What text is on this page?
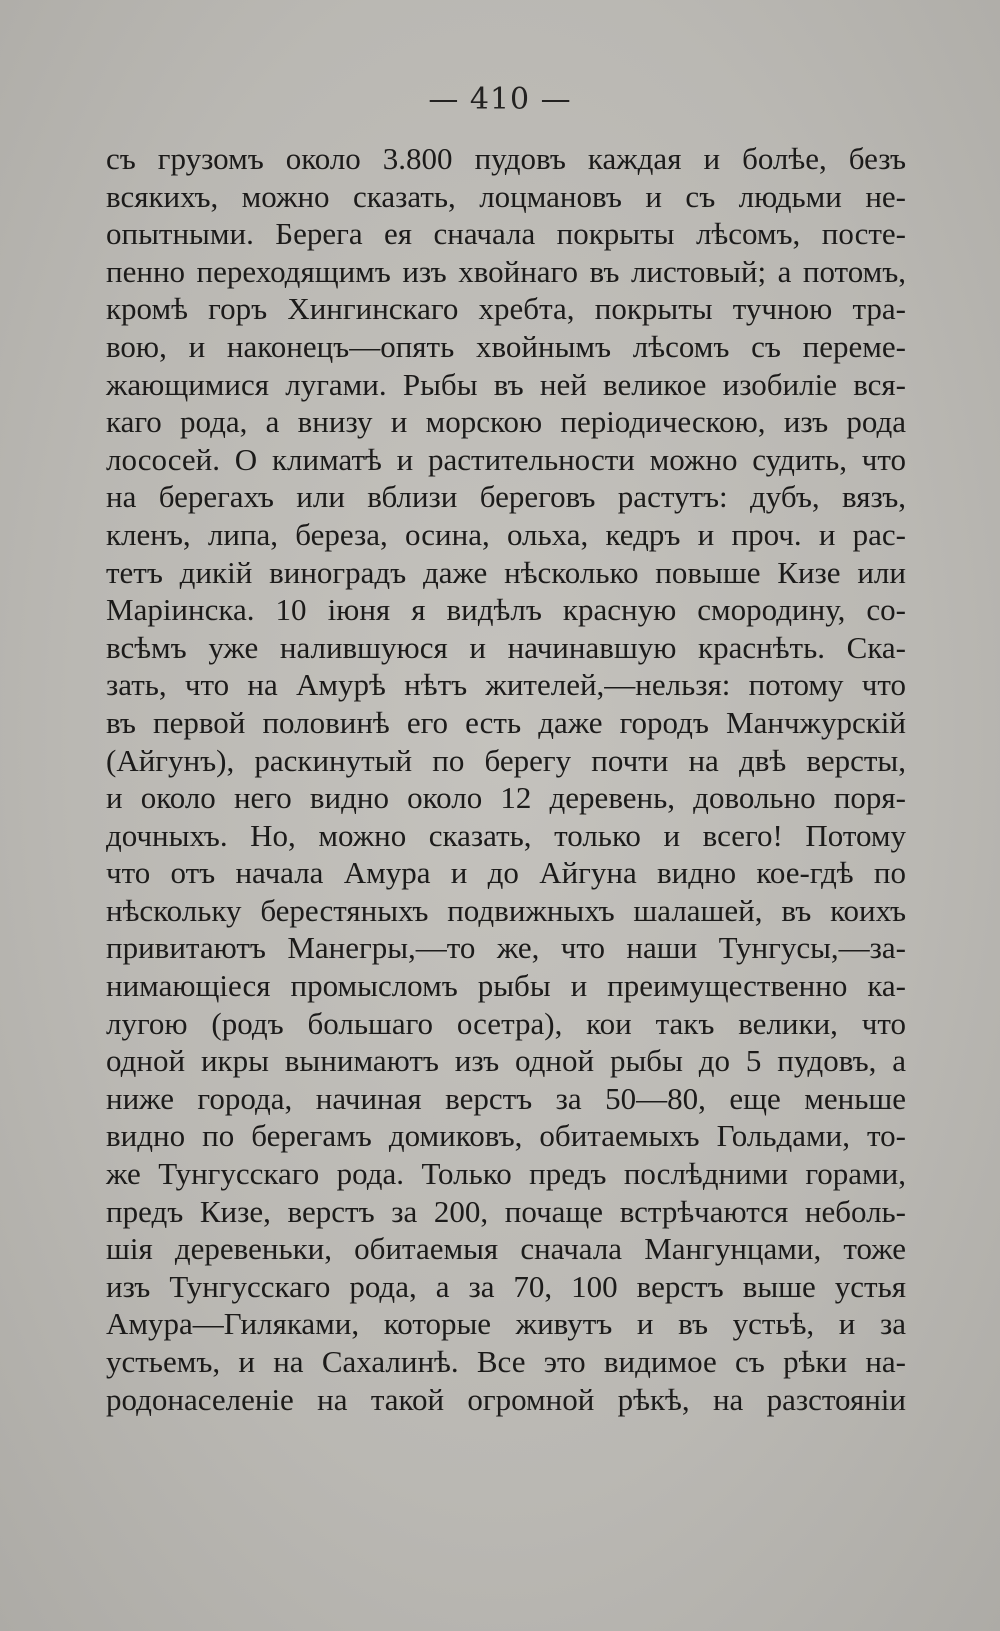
— 410 —
съ грузомъ около 3.800 пудовъ каждая и болѣе, безъ
всякихъ, можно сказать, лоцмановъ и съ людьми не-
опытными. Берега ея сначала покрыты лѣсомъ, посте-
пенно переходящимъ изъ хвойнаго въ листовый; а потомъ,
кромѣ горъ Хингинскаго хребта, покрыты тучною тра-
вою, и наконецъ—опять хвойнымъ лѣсомъ съ переме-
жающимися лугами. Рыбы въ ней великое изобиліе вся-
каго рода, а внизу и морскою періодическою, изъ рода
лососей. О климатѣ и растительности можно судить, что
на берегахъ или вблизи береговъ растутъ: дубъ, вязъ,
кленъ, липа, береза, осина, ольха, кедръ и проч. и рас-
тетъ дикій виноградъ даже нѣсколько повыше Кизе или
Маріинска. 10 іюня я видѣлъ красную смородину, со-
всѣмъ уже налившуюся и начинавшую краснѣть. Ска-
зать, что на Амурѣ нѣтъ жителей,—нельзя: потому что
въ первой половинѣ его есть даже городъ Манчжурскій
(Айгунъ), раскинутый по берегу почти на двѣ версты,
и около него видно около 12 деревень, довольно поря-
дочныхъ. Но, можно сказать, только и всего! Потому
что отъ начала Амура и до Айгуна видно кое-гдѣ по
нѣскольку берестяныхъ подвижныхъ шалашей, въ коихъ
привитаютъ Манегры,—то же, что наши Тунгусы,—за-
нимающіеся промысломъ рыбы и преимущественно ка-
лугою (родъ большаго осетра), кои такъ велики, что
одной икры вынимаютъ изъ одной рыбы до 5 пудовъ, а
ниже города, начиная верстъ за 50—80, еще меньше
видно по берегамъ домиковъ, обитаемыхъ Гольдами, то-
же Тунгусскаго рода. Только предъ послѣдними горами,
предъ Кизе, верстъ за 200, почаще встрѣчаются неболь-
шія деревеньки, обитаемыя сначала Мангунцами, тоже
изъ Тунгусскаго рода, а за 70, 100 верстъ выше устья
Амура—Гиляками, которые живутъ и въ устьѣ, и за
устьемъ, и на Сахалинѣ. Все это видимое съ рѣки на-
родонаселеніе на такой огромной рѣкѣ, на разстояніи
